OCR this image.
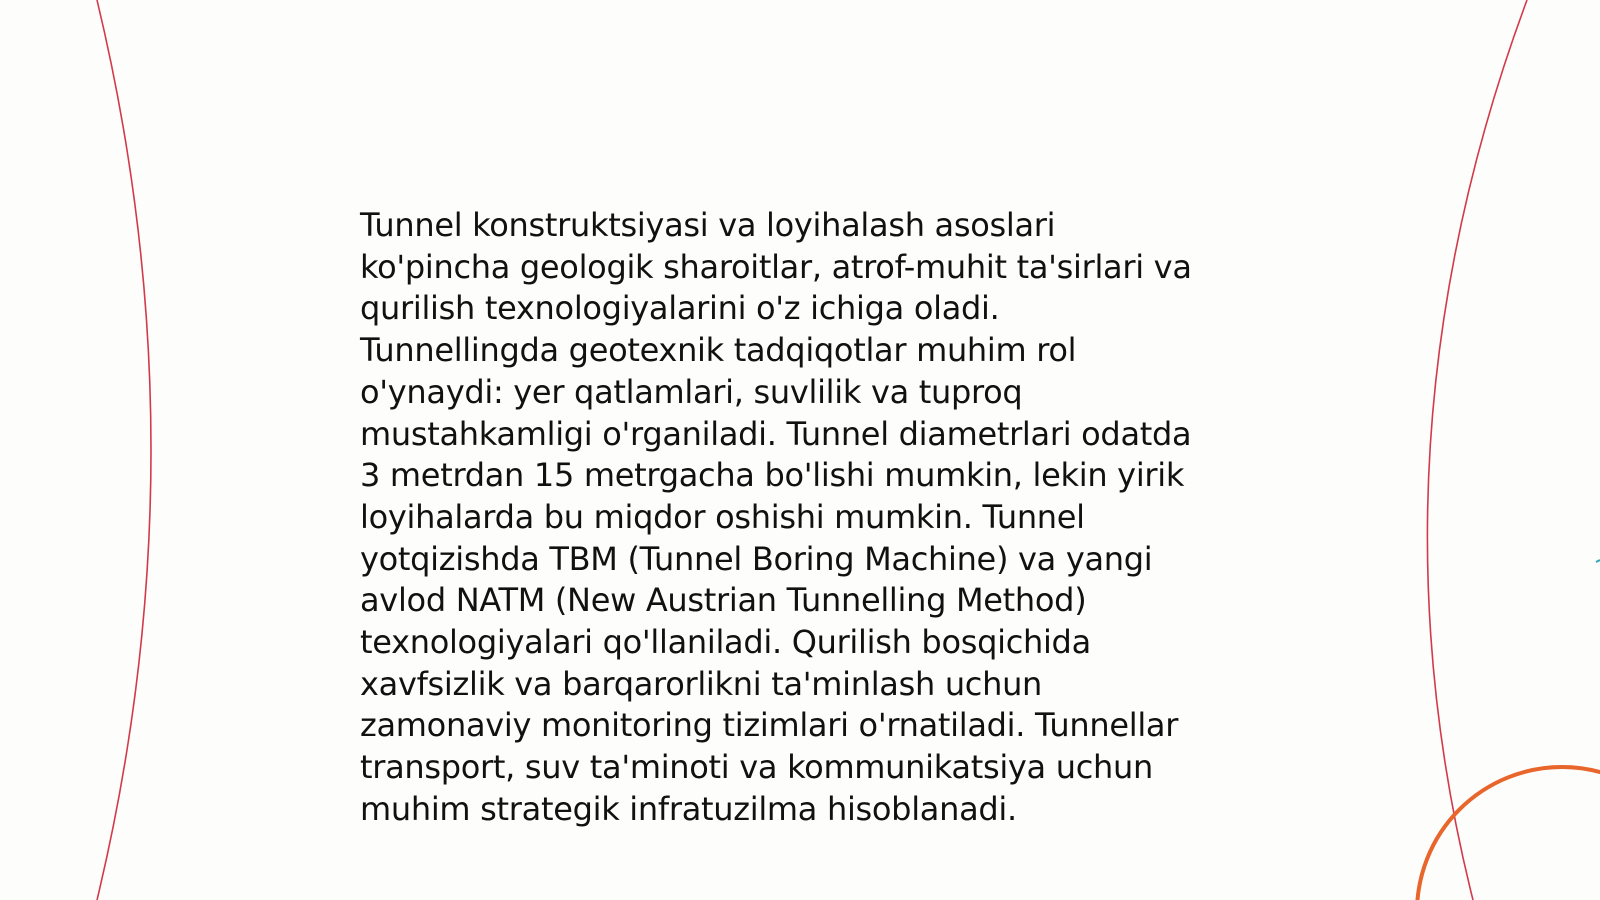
Tunnel konstruktsiyasi va loyihalash asoslari
ko'pincha geologik sharoitlar, atrof-muhit ta'sirlari va
qurilish texnologiyalarini o'z ichiga oladi.
Tunnellingda geotexnik tadqiqotlar muhim rol
o'ynaydi: yer qatlamlari, suvlilik va tuproq
mustahkamligi o'rganiladi. Tunnel diametrlari odatda
3 metrdan 15 metrgacha bo'lishi mumkin, lekin yirik
loyihalarda bu miqdor oshishi mumkin. Tunnel
yotqizishda TBM (Tunnel Boring Machine) va yangi
avlod NATM (New Austrian Tunnelling Method)
texnologiyalari qo'llaniladi. Qurilish bosqichida
xavfsizlik va barqarorlikni ta'minlash uchun
zamonaviy monitoring tizimlari o'rnatiladi. Tunnellar
transport, suv ta'minoti va kommunikatsiya uchun
muhim strategik infratuzilma hisoblanadi.
